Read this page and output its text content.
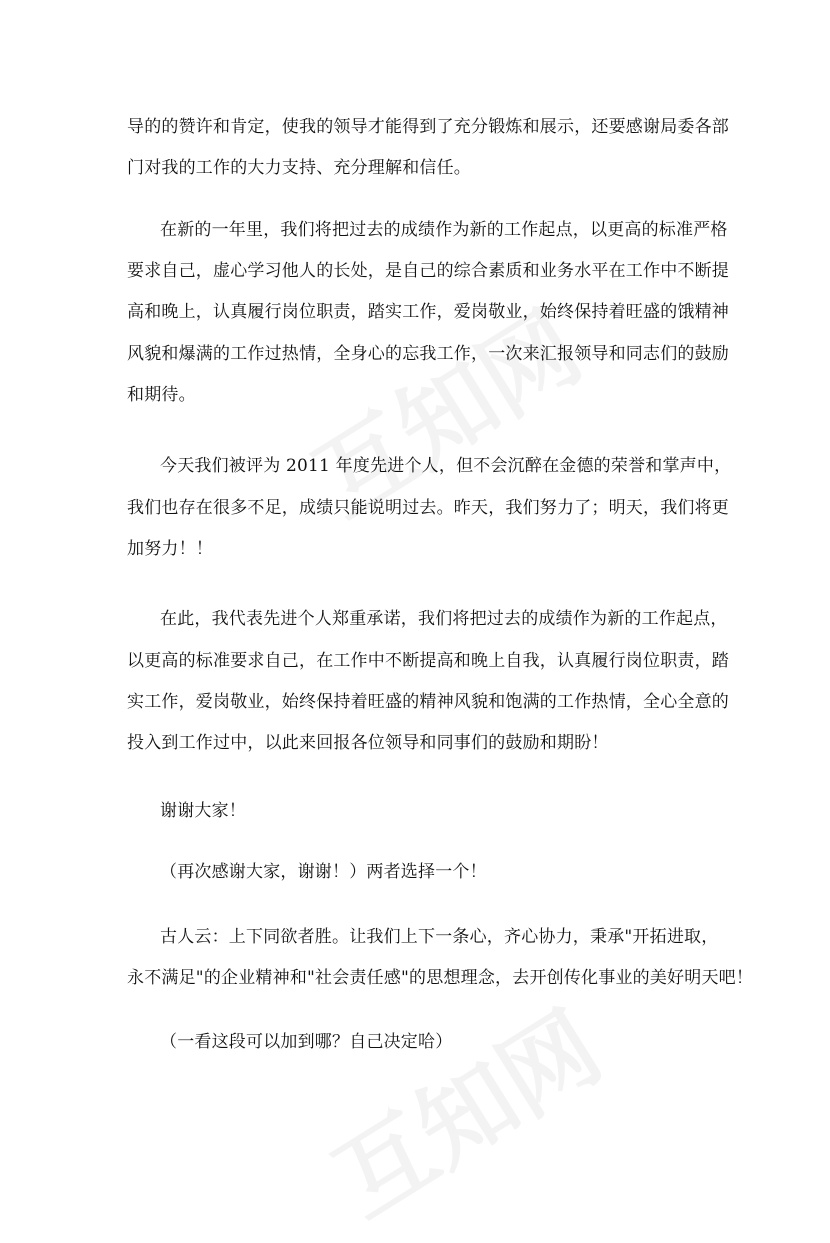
导的的赞许和肯定，使我的领导才能得到了充分锻炼和展示，还要感谢局委各部
门对我的工作的大力支持、充分理解和信任。
在新的一年里，我们将把过去的成绩作为新的工作起点，以更高的标准严格
要求自己，虚心学习他人的长处，是自己的综合素质和业务水平在工作中不断提
高和晚上，认真履行岗位职责，踏实工作，爱岗敬业，始终保持着旺盛的饿精神
风貌和爆满的工作过热情，全身心的忘我工作，一次来汇报领导和同志们的鼓励
和期待。
今天我们被评为 2011 年度先进个人，但不会沉醉在金德的荣誉和掌声中，
我们也存在很多不足，成绩只能说明过去。昨天，我们努力了；明天，我们将更
加努力！！
在此，我代表先进个人郑重承诺，我们将把过去的成绩作为新的工作起点，
以更高的标准要求自己，在工作中不断提高和晚上自我，认真履行岗位职责，踏
实工作，爱岗敬业，始终保持着旺盛的精神风貌和饱满的工作热情，全心全意的
投入到工作过中，以此来回报各位领导和同事们的鼓励和期盼！
谢谢大家！
（再次感谢大家，谢谢！）两者选择一个！
古人云：上下同欲者胜。让我们上下一条心，齐心协力，秉承"开拓进取，
永不满足"的企业精神和"社会责任感"的思想理念，去开创传化事业的美好明天吧！
（一看这段可以加到哪？自己决定哈）
